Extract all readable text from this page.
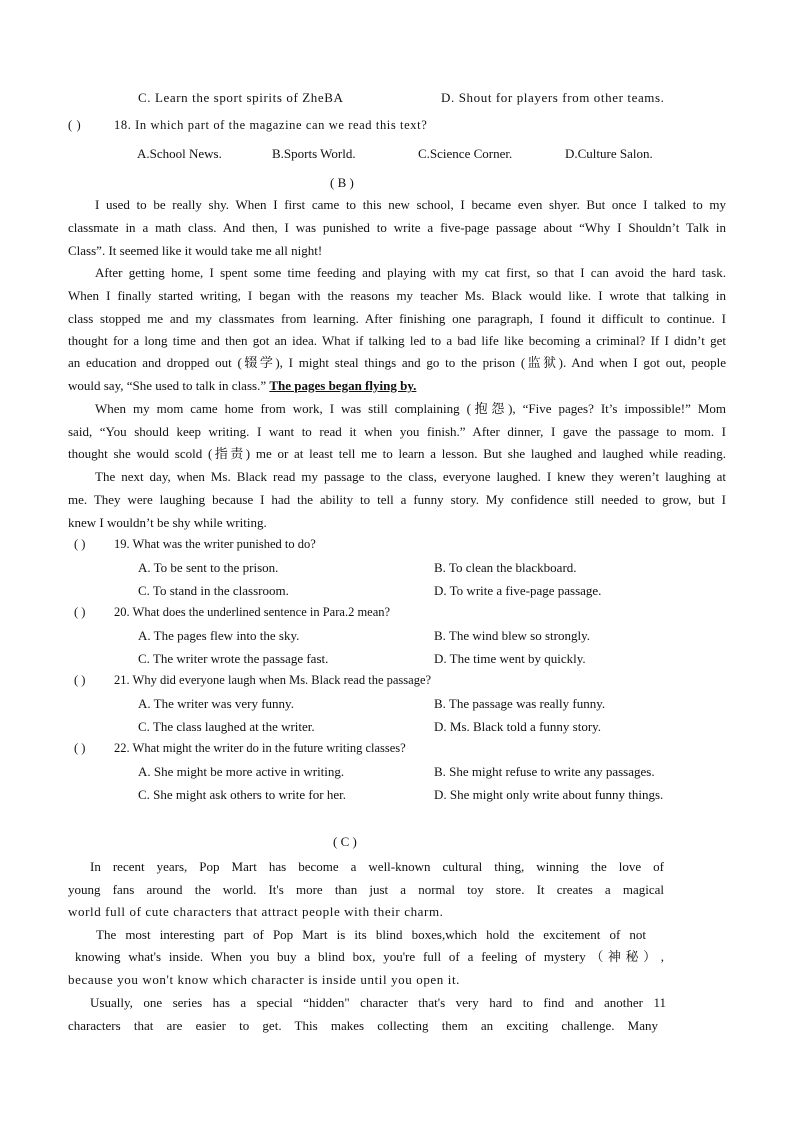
C. Learn the sport spirits of ZheBA	D. Shout for players from other teams.
( )	18. In which part of the magazine can we read this text?
A.School News.	B.Sports World.	C.Science Corner.	D.Culture Salon.
( B )
I used to be really shy. When I first came to this new school, I became even shyer. But once I talked to my
classmate in a math class. And then, I was punished to write a five-page passage about “Why I Shouldn’t Talk in
Class”. It seemed like it would take me all night!
After getting home, I spent some time feeding and playing with my cat first, so that I can avoid the hard task.
When I finally started writing, I began with the reasons my teacher Ms. Black would like. I wrote that talking in
class stopped me and my classmates from learning. After finishing one paragraph, I found it difficult to continue. I
thought for a long time and then got an idea. What if talking led to a bad life like becoming a criminal? If I didn’t get
an education and dropped out (辍学), I might steal things and go to the prison (监狱). And when I got out, people
would say, “She used to talk in class.” The pages began flying by.
When my mom came home from work, I was still complaining (抱怨), “Five pages? It’s impossible!” Mom
said, “You should keep writing. I want to read it when you finish.” After dinner, I gave the passage to mom. I
thought she would scold (指责) me or at least tell me to learn a lesson. But she laughed and laughed while reading.
The next day, when Ms. Black read my passage to the class, everyone laughed. I knew they weren’t laughing at
me. They were laughing because I had the ability to tell a funny story. My confidence still needed to grow, but I
knew I wouldn’t be shy while writing.
( ) 19. What was the writer punished to do?
A. To be sent to the prison.	B. To clean the blackboard.
C. To stand in the classroom.	D. To write a five-page passage.
( ) 20. What does the underlined sentence in Para.2 mean?
A. The pages flew into the sky.	B. The wind blew so strongly.
C. The writer wrote the passage fast.	D. The time went by quickly.
( ) 21. Why did everyone laugh when Ms. Black read the passage?
A. The writer was very funny.	B. The passage was really funny.
C. The class laughed at the writer.	D. Ms. Black told a funny story.
( ) 22. What might the writer do in the future writing classes?
A. She might be more active in writing.	B. She might refuse to write any passages.
C. She might ask others to write for her.	D. She might only write about funny things.
( C )
In recent years, Pop Mart has become a well-known cultural thing, winning the love of
young fans around the world. It's more than just a normal toy store. It creates a magical
world full of cute characters that attract people with their charm.
The most interesting part of Pop Mart is its blind boxes,which hold the excitement of not
knowing what's inside. When you buy a blind box, you're full of a feeling of mystery（神秘）,
because you won't know which character is inside until you open it.
Usually, one series has a special “hidden" character that's very hard to find and another 11
characters that are easier to get. This makes collecting them an exciting challenge. Many
